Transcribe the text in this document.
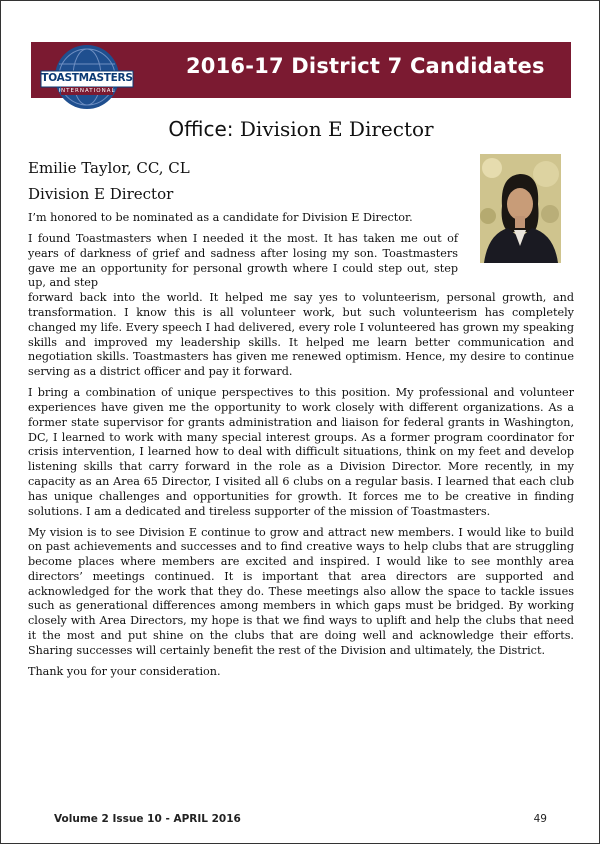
2016-17 District 7 Candidates
TOASTMASTERS
INTERNATIONAL
Office: Division E Director
Emilie Taylor, CC, CL
Division E Director

I’m honored to be nominated as a candidate for Division E Director.

I found Toastmasters when I needed it the most. It has taken me out of years of darkness of grief and sadness after losing my son. Toastmasters gave me an opportunity for personal growth where I could step out, step up, and step

forward back into the world. It helped me say yes to volunteerism, personal growth, and transformation. I know this is all volunteer work, but such volunteerism has completely changed my life. Every speech I had delivered, every role I volunteered has grown my speaking skills and improved my leadership skills. It helped me learn better communication and negotiation skills. Toastmasters has given me renewed optimism. Hence, my desire to continue serving as a district officer and pay it forward.

I bring a combination of unique perspectives to this position. My professional and volunteer experiences have given me the opportunity to work closely with different organizations. As a former state supervisor for grants administration and liaison for federal grants in Washington, DC, I learned to work with many special interest groups. As a former program coordinator for crisis intervention, I learned how to deal with difficult situations, think on my feet and develop listening skills that carry forward in the role as a Division Director. More recently, in my capacity as an Area 65 Director, I visited all 6 clubs on a regular basis. I learned that each club has unique challenges and opportunities for growth. It forces me to be creative in finding solutions. I am a dedicated and tireless supporter of the mission of Toastmasters.

My vision is to see Division E continue to grow and attract new members. I would like to build on past achievements and successes and to find creative ways to help clubs that are struggling become places where members are excited and inspired. I would like to see monthly area directors’ meetings continued. It is important that area directors are supported and acknowledged for the work that they do. These meetings also allow the space to tackle issues such as generational differences among members in which gaps must be bridged. By working closely with Area Directors, my hope is that we find ways to uplift and help the clubs that need it the most and put shine on the clubs that are doing well and acknowledge their efforts. Sharing successes will certainly benefit the rest of the Division and ultimately, the District.

Thank you for your consideration.

Volume 2 Issue 10 - APRIL 2016	49
